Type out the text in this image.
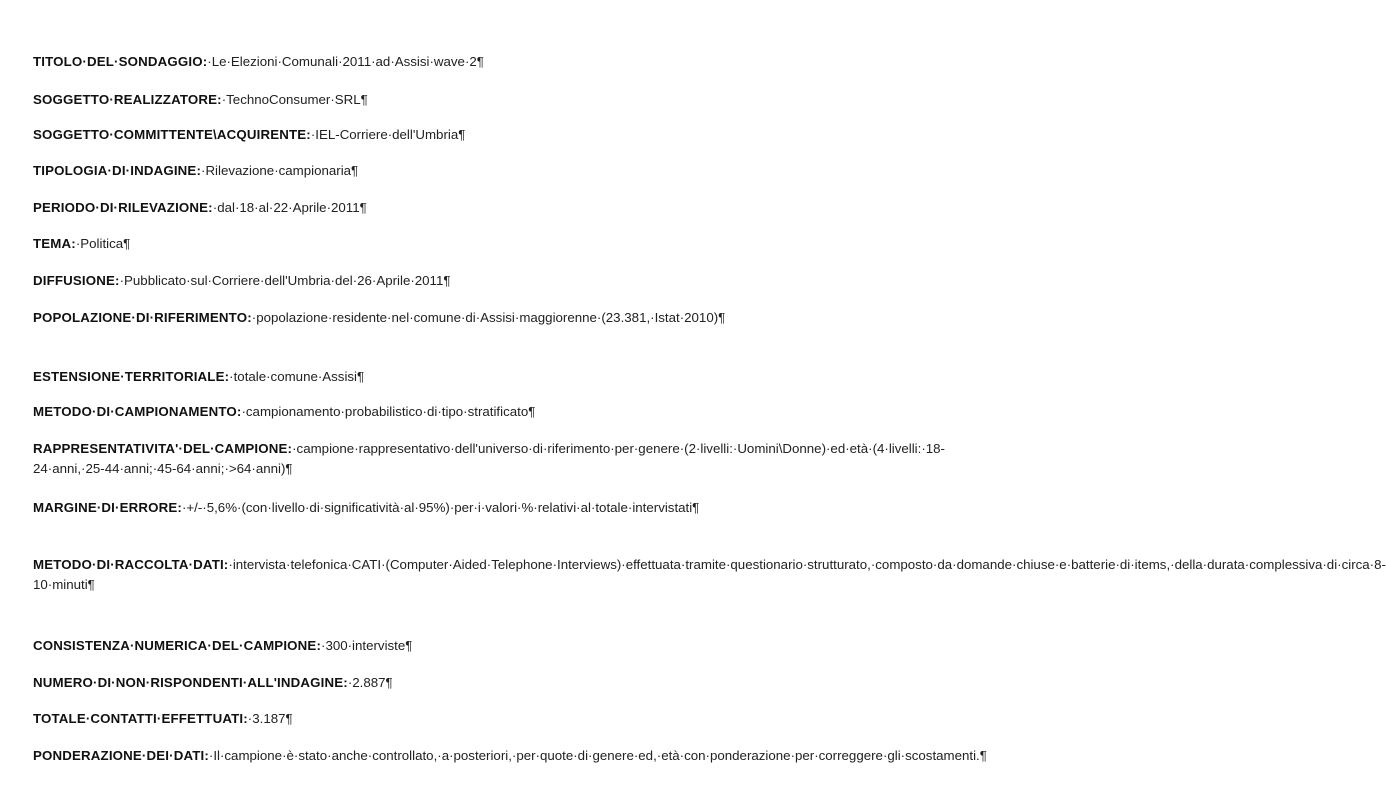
TITOLO·DEL·SONDAGGIO:·Le·Elezioni·Comunali·2011·ad·Assisi·wave·2¶
SOGGETTO·REALIZZATORE:·TechnoConsumer·SRL¶
SOGGETTO·COMMITTENTE\ACQUIRENTE:·IEL-Corriere·dell'Umbria¶
TIPOLOGIA·DI·INDAGINE:·Rilevazione·campionaria¶
PERIODO·DI·RILEVAZIONE:·dal·18·al·22·Aprile·2011¶
TEMA:·Politica¶
DIFFUSIONE:·Pubblicato·sul·Corriere·dell'Umbria·del·26·Aprile·2011¶
POPOLAZIONE·DI·RIFERIMENTO:·popolazione·residente·nel·comune·di·Assisi·maggiorenne·(23.381,·Istat·2010)¶
ESTENSIONE·TERRITORIALE:·totale·comune·Assisi¶
METODO·DI·CAMPIONAMENTO:·campionamento·probabilistico·di·tipo·stratificato¶
RAPPRESENTATIVITA'·DEL·CAMPIONE:·campione·rappresentativo·dell'universo·di·riferimento·per·genere·(2·livelli:·Uomini\Donne)·ed·età·(4·livelli:·18-24·anni,·25-44·anni;·45-64·anni;·>64·anni)¶
MARGINE·DI·ERRORE:·+/-·5,6%·(con·livello·di·significatività·al·95%)·per·i·valori·%·relativi·al·totale·intervistati¶
METODO·DI·RACCOLTA·DATI:·intervista·telefonica·CATI·(Computer·Aided·Telephone·Interviews)·effettuata·tramite·questionario·strutturato,·composto·da·domande·chiuse·e·batterie·di·items,·della·durata·complessiva·di·circa·8-10·minuti¶
CONSISTENZA·NUMERICA·DEL·CAMPIONE:·300·interviste¶
NUMERO·DI·NON·RISPONDENTI·ALL'INDAGINE:·2.887¶
TOTALE·CONTATTI·EFFETTUATI:·3.187¶
PONDERAZIONE·DEI·DATI:·Il·campione·è·stato·anche·controllato,·a·posteriori,·per·quote·di·genere·ed,·età·con·ponderazione·per·correggere·gli·scostamenti.¶
